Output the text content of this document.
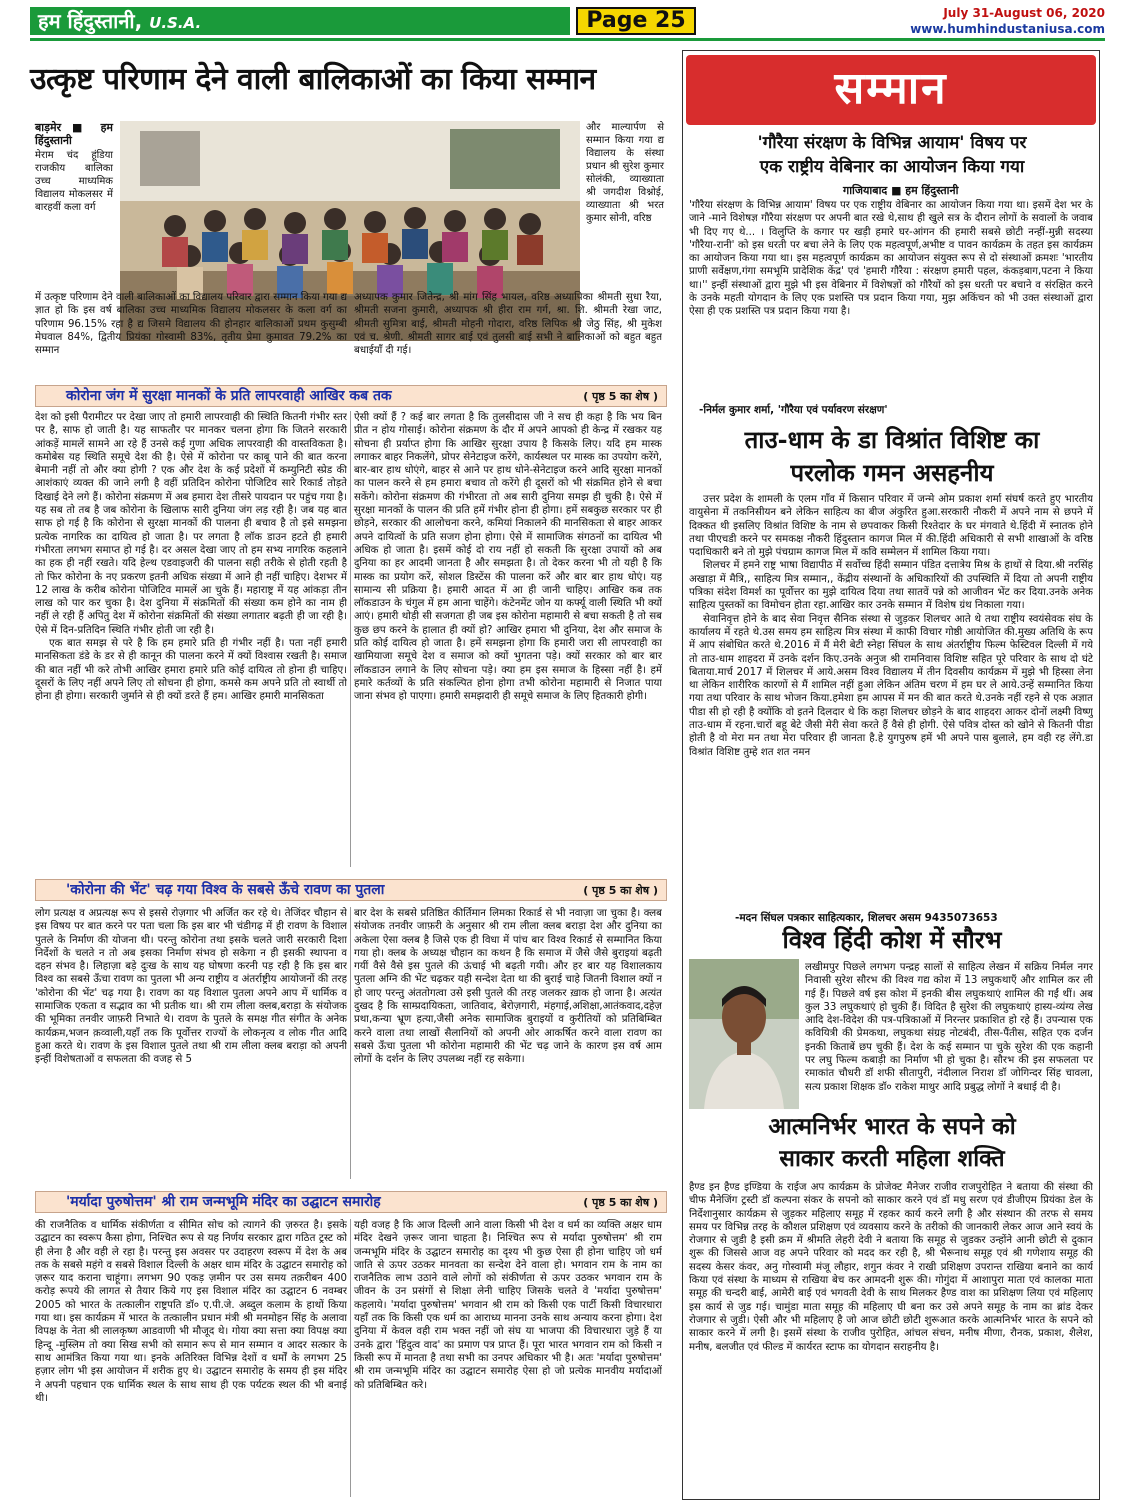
हम हिंदुस्तानी, U.S.A.	Page 25	July 31-August 06, 2020
www.humhindustaniusa.com
उत्कृष्ट परिणाम देने वाली बालिकाओं का किया सम्मान
बाड़मेर ■ हम हिंदुस्तानी
मेराम चंद हूंडिया राजकीय बालिका उच्च माध्यमिक विद्यालय मोकलसर में बारहवीं कला वर्ग
और माल्यार्पण से सम्मान किया गया द्य विद्यालय के संस्था प्रधान श्री सुरेश कुमार सोलंकी, व्याख्याता श्री जगदीश विश्नोई, व्याख्याता श्री भरत कुमार सोनी, वरिष्ठ
में उत्कृष्ट परिणाम देने वाली बालिकाओं का विद्यालय परिवार द्वारा सम्मान किया गया द्य ज्ञात हो कि इस वर्ष बालिका उच्च माध्यमिक विद्यालय मोकलसर के कला वर्ग का परिणाम 96.15% रहा है द्य जिसमे विद्यालय की होनहार बालिकाओं प्रथम कुसुम्बी मेघवाल 84%, द्वितीय प्रियंका गोस्वामी 83%, तृतीय प्रेमा कुमावत 79.2% का सम्मान
अध्यापक कुमार जितेन्द्र, श्री मांग सिंह भायल, वरिष्ठ अध्यापिका श्रीमती सुधा रैया, श्रीमती सजना कुमारी, अध्यापक श्री हीरा राम गर्ग, श्रा. शि. श्रीमती रेखा जाट, श्रीमती सुमित्रा बाई, श्रीमती मोहनी गोदारा, वरिष्ठ लिपिक श्री जेठु सिंह, श्री मुकेश एवं च. श्रेणी. श्रीमती सागर बाई एवं तुलसी बाई सभी ने बालिकाओं को बहुत बहुत बधाईयाँ दी गई।
कोरोना जंग में सुरक्षा मानकों के प्रति लापरवाही आखिर कब तक	( पृष्ठ 5 का शेष )
देश को इसी पैरामीटर पर देखा जाए तो हमारी लापरवाही की स्थिति कितनी गंभीर स्तर पर है, साफ हो जाती है। यह साफतौर पर मानकर चलना होगा कि जितने सरकारी आंकड़ें मामलें सामने आ रहे हैं उनसे कई गुणा अधिक लापरवाही की वास्तविकता है। कमोबेस यह स्थिति समूचे देश की है। ऐसे में कोरोना पर काबू पाने की बात करना बेमानी नहीं तो और क्या होगी ? एक और देश के कई प्रदेशों में कम्युनिटी स्प्रेड की आशंकाएं व्यक्त की जाने लगी है वहीं प्रतिदिन कोरोना पोजिटिव सारे रिकार्ड तोड़ते दिखाई देने लगे हैं। कोरोना संक्रमण में अब हमारा देश तीसरे पायदान पर पहुंच गया है। यह सब तो तब है जब कोरोना के खिलाफ सारी दुनिया जंग लड़ रही है। जब यह बात साफ हो गई है कि कोरोना से सुरक्षा मानकों की पालना ही बचाव है तो इसे समझना प्रत्येक नागरिक का दायित्व हो जाता है। पर लगता है लॉक डाउन हटते ही हमारी गंभीरता लगभग समाप्त हो गई है। दर असल देखा जाए तो हम सभ्य नागरिक कहलाने का हक ही नहीं रखते। यदि हेल्थ एडवाइजरी की पालना सही तरीके से होती रहती है तो फिर कोरोना के नए प्रकरण इतनी अधिक संख्या में आने ही नहीं चाहिए। देशभर में 12 लाख के करीब कोरोना पोजिटिव मामलें आ चुके हैं। महाराष्ट्र में यह आंकड़ा तीन लाख को पार कर चुका है। देश दुनिया में संक्रमितों की संख्या कम होने का नाम ही नहीं ले रही हैं अपितु देश में कोरोना संक्रमितों की संख्या लगातार बढ़ती ही जा रही है। ऐसे में दिन-प्रतिदिन स्थिति गंभीर होती जा रही है।
एक बात समझ से परे है कि हम हमारे प्रति ही गंभीर नहीं है। पता नहीं हमारी मानसिकता डंडे के डर से ही कानून की पालना करने में क्यों विश्वास रखती है। समाज की बात नहीं भी करे तोभी आखिर हमारा हमारे प्रति कोई दायित्व तो होना ही चाहिए। दूसरों के लिए नहीं अपने लिए तो सोचना ही होगा, कमसे कम अपने प्रति तो स्वार्थी तो होना ही होगा। सरकारी जुर्माने से ही क्यों डरते हैं हम। आखिर हमारी मानसिकता
ऐसी क्यों हैं ? कई बार लगता है कि तुलसीदास जी ने सच ही कहा है कि भय बिन प्रीत न होय गोसाई। कोरोना संक्रमण के दौर में अपने आपको ही केन्द्र में रखकर यह सोचना ही प्रर्याप्त होगा कि आखिर सुरक्षा उपाय है किसके लिए। यदि हम मास्क लगाकर बाहर निकलेंगे, प्रोपर सेनेटाइज करेंगे, कार्यस्थल पर मास्क का उपयोग करेंगे, बार-बार हाथ धोएंगे, बाहर से आने पर हाथ धोने-सेनेटाइज करने आदि सुरक्षा मानकों का पालन करने से हम हमारा बचाव तो करेंगे ही दूसरों को भी संक्रमित होने से बचा सकेंगे। कोरोना संक्रमण की गंभीरता तो अब सारी दुनिया समझ ही चुकी है। ऐसे में सुरक्षा मानकों के पालन की प्रति हमें गंभीर होना ही होगा। हमें सबकुछ सरकार पर ही छोड़ने, सरकार की आलोचना करने, कमियां निकालने की मानसिकता से बाहर आकर अपने दायित्वों के प्रति सजग होना होगा। ऐसे में सामाजिक संगठनों का दायित्व भी अधिक हो जाता है। इसमें कोई दो राय नहीं हो सकती कि सुरक्षा उपायों को अब दुनिया का हर आदमी जानता है और समझता है। तो देकर करना भी तो यही है कि मास्क का प्रयोग करें, सोशल डिस्टेंस की पालना करें और बार बार हाथ धोएं। यह सामान्य सी प्रक्रिया है। हमारी आदत में आ ही जानी चाहिए। आखिर कब तक लॉकडाउन के चंगुल में हम आना चाहेंगे। कंटेनमेंट जोन या कर्फ्यू वाली स्थिति भी क्यों आएं। हमारी थोड़ी सी सजगता ही जब इस कोरोना महामारी से बचा सकती है तो सब कुछ छप करने के हालात ही क्यों हो? आखिर हमारा भी दुनिया, देश और समाज के प्रति कोई दायित्व हो जाता है। हमें समझना होगा कि हमारी जरा सी लापरवाही का खामियाजा समूचे देश व समाज को क्यों भुगतना पड़े। क्यों सरकार को बार बार लॉकडाउन लगाने के लिए सोचना पड़े। क्या हम इस समाज के हिस्सा नहीं है। हमें हमारे कर्तव्यों के प्रति संकल्पित होना होगा तभी कोरोना महामारी से निजात पाया जाना संभव हो पाएगा। हमारी समझदारी ही समूचे समाज के लिए हितकारी होगी।
'कोरोना की भेंट' चढ़ गया विश्व के सबसे ऊँचे रावण का पुतला	( पृष्ठ 5 का शेष )
लोग प्रत्यक्ष व अप्रत्यक्ष रूप से इससे रोज़गार भी अर्जित कर रहे थे। तेजिंदर चौहान से इस विषय पर बात करने पर पता चला कि इस बार भी चंडीगढ़ में ही रावण के विशाल पुतले के निर्माण की योजना थी। परन्तु कोरोना तथा इसके चलते जारी सरकारी दिशा निर्देशों के चलते न तो अब इसका निर्माण संभव हो सकेगा न ही इसकी स्थापना व दहन संभव है। लिहाज़ा बड़े दुःख के साथ यह घोषणा करनी पड़ रही है कि इस बार विश्व का सबसे ऊँचा रावण का पुतला भी अन्य राष्ट्रीय व अंतर्राष्ट्रीय आयोजनों की तरह 'कोरोना की भेंट' चढ़ गया है। रावण का यह विशाल पुतला अपने आप में धार्मिक व सामाजिक एकता व सद्भाव का भी प्रतीक था। श्री राम लीला क्लब,बराड़ा के संयोजक की भूमिका तनवीर जाफ़री निभाते थे। रावण के पुतले के समक्ष गीत संगीत के अनेक कार्यक्रम,भजन क़व्वाली,यहाँ तक कि पूर्वोत्तर राज्यों के लोकनृत्य व लोक गीत आदि हुआ करते थे। रावण के इस विशाल पुतले तथा श्री राम लीला क्लब बराड़ा को अपनी इन्हीं विशेषताओं व सफलता की वजह से 5
बार देश के सबसे प्रतिष्ठित कीर्तिमान लिमका रिकार्ड से भी नवाज़ा जा चुका है। क्लब संयोजक तनवीर जाफ़री के अनुसार श्री राम लीला क्लब बराड़ा देश और दुनिया का अकेला ऐसा क्लब है जिसे एक ही विधा में पांच बार विश्व रिकार्ड से सम्मानित किया गया हो। क्लब के अध्यक्ष चौहान का कथन है कि समाज में जैसे जैसे बुराइयां बढ़ती गयीं वैसे वैसे इस पुतले की ऊंचाई भी बढ़ती गयी। और हर बार यह विशालकाय पुतला अग्नि की भेंट चढ़कर यही सन्देश देता था की बुराई चाहे जितनी विशाल क्यों न हो जाए परन्तु अंततोगत्वा उसे इसी पुतले की तरह जलकर ख़ाक हो जाना है। अत्यंत दुखद है कि साम्प्रदायिकता, जातिवाद, बेरोज़गारी, मंहगाई,अशिक्षा,आतंकवाद,दहेज़ प्रथा,कन्या भ्रूण हत्या,जैसी अनेक सामाजिक बुराइयों व कुरीतियों को प्रतिबिम्बित करने वाला तथा लाखों सैलानियों को अपनी ओर आकर्षित करने वाला रावण का सबसे ऊँचा पुतला भी कोरोना महामारी की भेंट चढ़ जाने के कारण इस वर्ष आम लोगों के दर्शन के लिए उपलब्ध नहीं रह सकेगा।
'मर्यादा पुरुषोत्तम' श्री राम जन्मभूमि मंदिर का उद्घाटन समारोह	( पृष्ठ 5 का शेष )
की राजनैतिक व धार्मिक संकीर्णता व सीमित सोच को त्यागने की ज़रुरत है। इसके उद्घाटन का स्वरूप कैसा होगा, निश्चित रूप से यह निर्णय सरकार द्वारा गठित ट्रस्ट को ही लेना है और वही ले रहा है। परन्तु इस अवसर पर उदाहरण स्वरूप में देश के अब तक के सबसे महंगे व सबसे विशाल दिल्ली के अक्षर धाम मंदिर के उद्घाटन समारोह को ज़रूर याद कराना चाहूंगा। लगभग 90 एकड़ ज़मीन पर उस समय तक़रीबन 400 करोड़ रूपये की लागत से तैयार किये गए इस विशाल मंदिर का उद्घाटन 6 नवम्बर 2005 को भारत के तत्कालीन राष्ट्रपति डॉ० ए.पी.जे. अब्दुल कलाम के हाथों किया गया था। इस कार्यक्रम में भारत के तत्कालीन प्रधान मंत्री श्री मनमोहन सिंह के अलावा विपक्ष के नेता श्री लालकृष्ण आडवाणी भी मौजूद थे। गोया क्या सत्ता क्या विपक्ष क्या हिन्दू -मुस्लिम तो क्या सिख सभी को समान रूप से मान सम्मान व आदर सत्कार के साथ आमंत्रित किया गया था। इनके अतिरिक्त विभिन्न देशों व धर्मों के लगभग 25 हज़ार लोग भी इस आयोजन में शरीक हुए थे। उद्घाटन समारोह के समय ही इस मंदिर ने अपनी पहचान एक धार्मिक स्थल के साथ साथ ही एक पर्यटक स्थल की भी बनाई थी।
यही वजह है कि आज दिल्ली आने वाला किसी भी देश व धर्म का व्यक्ति अक्षर धाम मंदिर देखने ज़रूर जाना चाहता है। निश्चित रूप से मर्यादा पुरुषोत्तम' श्री राम जन्मभूमि मंदिर के उद्घाटन समारोह का दृश्य भी कुछ ऐसा ही होना चाहिए जो धर्म जाति से ऊपर उठकर मानवता का सन्देश देने वाला हो। भगवान राम के नाम का राजनैतिक लाभ उठाने वाले लोगों को संकीर्णता से ऊपर उठकर भगवान राम के जीवन के उन प्रसंगों से शिक्षा लेनी चाहिए जिसके चलते वे 'मर्यादा पुरुषोत्तम' कहलाये। 'मर्यादा पुरुषोत्तम' भगवान श्री राम को किसी एक पार्टी किसी विचारधारा यहाँ तक कि किसी एक धर्म का आराध्य मानना उनके साथ अन्याय करना होगा। देश दुनिया में केवल वही राम भक्त नहीं जो संघ या भाजपा की विचारधारा जुड़े हैं या उनके द्वारा 'हिंदुत्व वाद' का प्रमाण पत्र प्राप्त हैं। पूरा भारत भगवान राम को किसी न किसी रूप में मानता है तथा सभी का उनपर अधिकार भी है। अतः 'मर्यादा पुरुषोत्तम' श्री राम जन्मभूमि मंदिर का उद्घाटन समारोह ऐसा हो जो प्रत्येक मानवीय मर्यादाओं को प्रतिबिम्बित करे।
सम्मान
'गौरैया संरक्षण के विभिन्न आयाम' विषय पर
एक राष्ट्रीय वेबिनार का आयोजन किया गया
गाजियाबाद ■ हम हिंदुस्तानी
'गौरैया संरक्षण के विभिन्न आयाम' विषय पर एक राष्ट्रीय वेबिनार का आयोजन किया गया था। इसमें देश भर के जाने -माने विशेषज्ञ गौरैया संरक्षण पर अपनी बात रखे थे,साथ ही खुले सत्र के दौरान लोगों के सवालों के जवाब भी दिए गए थे... । विलुप्ति के कगार पर खड़ी हमारे घर-आंगन की हमारी सबसे छोटी नन्हीं-मुन्नी सदस्या 'गौरैया-रानी' को इस धरती पर बचा लेने के लिए एक महत्वपूर्ण,अभीष्ट व पावन कार्यक्रम के तहत इस कार्यक्रम का आयोजन किया गया था। इस महत्वपूर्ण कार्यक्रम का आयोजन संयुक्त रूप से दो संस्थाओं क्रमशः 'भारतीय प्राणी सर्वेक्षण,गंगा समभूमि प्रादेशिक केंद्र' एवं 'हमारी गौरैया : संरक्षण हमारी पहल, कंकड़बाग,पटना ने किया था।'' इन्हीं संस्थाओं द्वारा मुझे भी इस वेबिनार में विशेषज्ञों को गौरैयों को इस धरती पर बचाने व संरक्षित करने के उनके महती योगदान के लिए एक प्रशस्ति पत्र प्रदान किया गया, मुझ अकिंचन को भी उक्त संस्थाओं द्वारा ऐसा ही एक प्रशस्ति पत्र प्रदान किया गया है।
-निर्मल कुमार शर्मा, 'गौरैया एवं पर्यावरण संरक्षण'
ताउ-धाम के डा विश्रांत विशिष्ट का
परलोक गमन असहनीय
उत्तर प्रदेश के शामली के एलम गाँव में किसान परिवार में जन्मे ओम प्रकाश शर्मा संघर्ष करते हुए भारतीय वायुसेना में तकनिसीयन बने लेकिन साहित्य का बीज अंकुरित हुआ.सरकारी नौकरी में अपने नाम से छपने में दिक्कत थी इसलिए विश्रांत विशिष्ट के नाम से छपवाकर किसी रिश्तेदार के घर मंगवाते थे.हिंदी में स्नातक होने तथा पीएचडी करने पर समकक्ष नौकरी हिंदुस्तान कागज मिल में की.हिंदी अधिकारी से सभी शाखाओं के वरिष्ठ पदाधिकारी बने तो मुझे पंचग्राम कागज मिल में कवि सम्मेलन में शामिल किया गया।
शिलचर में हमने राष्ट्र भाषा विद्यापीठ में सर्वोच्च हिंदी सम्मान पंडित दत्तात्रेय मिश्र के हाथों से दिया.श्री नरसिंह अखाड़ा में मैत्रि,, साहित्य मित्र सम्मान,, केंद्रीय संस्थानों के अधिकारियों की उपस्थिति में दिया तो अपनी राष्ट्रीय पत्रिका संदेश विमर्श का पूर्वोत्तर का मुझे दायित्व दिया तथा सातवें पन्ने को आजीवन भेंट कर दिया.उनके अनेक साहित्य पुस्तकों का विमोचन होता रहा.आखिर कार उनके सम्मान में विशेष ग्रंथ निकाला गया।
सेवानिवृत्त होने के बाद सेवा निवृत्त सैनिक संस्था से जुड़कर शिलचर आते थे तथा राष्ट्रीय स्वयंसेवक संघ के कार्यालय में रहते थे.उस समय हम साहित्य मित्र संस्था में काफी विचार गोष्ठी आयोजित की.मुख्य अतिथि के रूप में आप संबोधित करते थे.2016 में मैं मेरी बेटी स्नेहा सिंघल के साथ अंतर्राष्ट्रीय फिल्म फेस्टिवल दिल्ली में गये तो ताउ-धाम शाहदरा में उनके दर्शन किए.उनके अनुज श्री रामनिवास विशिष्ट सहित पूरे परिवार के साथ दो घंटे बिताया.मार्च 2017 में शिलचर में आये.असम विश्व विद्यालय में तीन दिवसीय कार्यक्रम में मुझे भी हिस्सा लेना था लेकिन शारीरिक कारणों से मैं शामिल नहीं हुआ लेकिन अंतिम चरण में हम घर ले आये.उन्हें सम्मानित किया गया तथा परिवार के साथ भोजन किया.हमेशा हम आपस में मन की बात करते थे.उनके नहीं रहने से एक अज्ञात पीडा सी हो रही है क्योंकि वो इतने दिलदार थे कि कहा शिलचर छोड़ने के बाद शाहदरा आकर दोनों लक्ष्मी विष्णु ताउ-धाम में रहना.चारों बहू बेटे जैसी मेरी सेवा करते हैं वैसे ही होगी. ऐसे पवित्र दोस्त को खोने से कितनी पीडा होती है वो मेरा मन तथा मेरा परिवार ही जानता है.हे युगपुरुष हमें भी अपने पास बुलाले, हम वही रह लेंगे.डा विश्रांत विशिष्ट तुम्हे शत शत नमन
-मदन सिंघल पत्रकार साहित्यकार, शिलचर असम 9435073653
विश्व हिंदी कोश में सौरभ
लखीमपुर पिछले लगभग पन्द्रह सालों से साहित्य लेखन में सक्रिय निर्मल नगर निवासी सुरेश सौरभ की विश्व गद्य कोश में 13 लघुकथाएँ और शामिल कर ली गई हैं। पिछले वर्ष इस कोश में इनकी बीस लघुकथाएं शामिल की गईं थीं। अब कुल 33 लघुकथाएं हो चुकी हैं। विदित है सुरेश की लघुकथाएं हास्य-व्यंग्य लेख आदि देश-विदेश की पत्र-पत्रिकाओं में निरन्तर प्रकाशित हो रहे हैं। उपन्यास एक कवियित्री की प्रेमकथा, लघुकथा संग्रह नोटबंदी, तीस-पैंतीस, सहित एक दर्जन इनकी किताबें छप चुकी हैं। देश के कई सम्मान पा चुके सुरेश की एक कहानी पर लघु फिल्म कबाड़ी का निर्माण भी हो चुका है। सौरभ की इस सफलता पर रमाकांत चौधरी डॉ शफी सीतापुरी, नंदीलाल निराश डॉ जोगिन्दर सिंह चावला, सत्य प्रकाश शिक्षक डॉ० राकेश माथुर आदि प्रबुद्ध लोगों ने बधाई दी है।
आत्मनिर्भर भारत के सपने को
साकार करती महिला शक्ति
हैण्ड इन हैण्ड इण्डिया के राईज अप कार्यक्रम के प्रोजेक्ट मैनेजर राजीव राजपुरोहित ने बताया की संस्था की चीफ मैनेजिंग ट्रस्टी डॉ कल्पना संकर के सपनो को साकार करने एवं डॉ मधु सरण एवं डीजीएम प्रियंका डेल के निर्देशानुसार कार्यक्रम से जुड़कर महिलाए समूह में रहकर कार्य करने लगी है और संस्थान की तरफ से समय समय पर विभिन्न तरह के कौशल प्रशिक्षण एवं व्यवसाय करने के तरीको की जानकारी लेकर आज आने स्वयं के रोजगार से जुडी है इसी क्रम में श्रीमति लेहरी देवी ने बताया कि समूह से जुडकर उन्होंने आनी छोटी से दुकान शुरू की जिससे आज वह अपने परिवार को मदद कर रही है, श्री भैरूनाथ समूह एवं श्री गणेशाय समूह की सदस्य केसर कंवर, अनु गोस्वामी मंजू लौहार, शगुन कंवर ने राखी प्रशिक्षण उपरान्त राखिया बनाने का कार्य किया एवं संस्था के माध्यम से राखिया बेच कर आमदनी शुरू की। गोगुंदा में आशापुरा माता एवं कालका माता समूह की चन्दरी बाई, आमेरी बाई एवं भगवती देवी के साथ मिलकर हैण्ड वाश का प्रशिक्षण लिया एवं महिलाए इस कार्य से जुड गई। चामुंडा माता समूह की महिलाए घी बना कर उसे अपने समूह के नाम का ब्रांड देकर रोजगार से जुडी। ऐसी और भी महिलाए है जो आज छोटी छोटी शुरूआत करके आत्मनिर्भर भारत के सपने को साकार करने में लगी है। इसमें संस्था के राजीव पुरोहित, आंचल संचन, मनीष मीणा, रौनक, प्रकाश, शैलेश, मनीष, बलजीत एवं फील्ड में कार्यरत स्टाफ का योगदान सराहनीय है।
